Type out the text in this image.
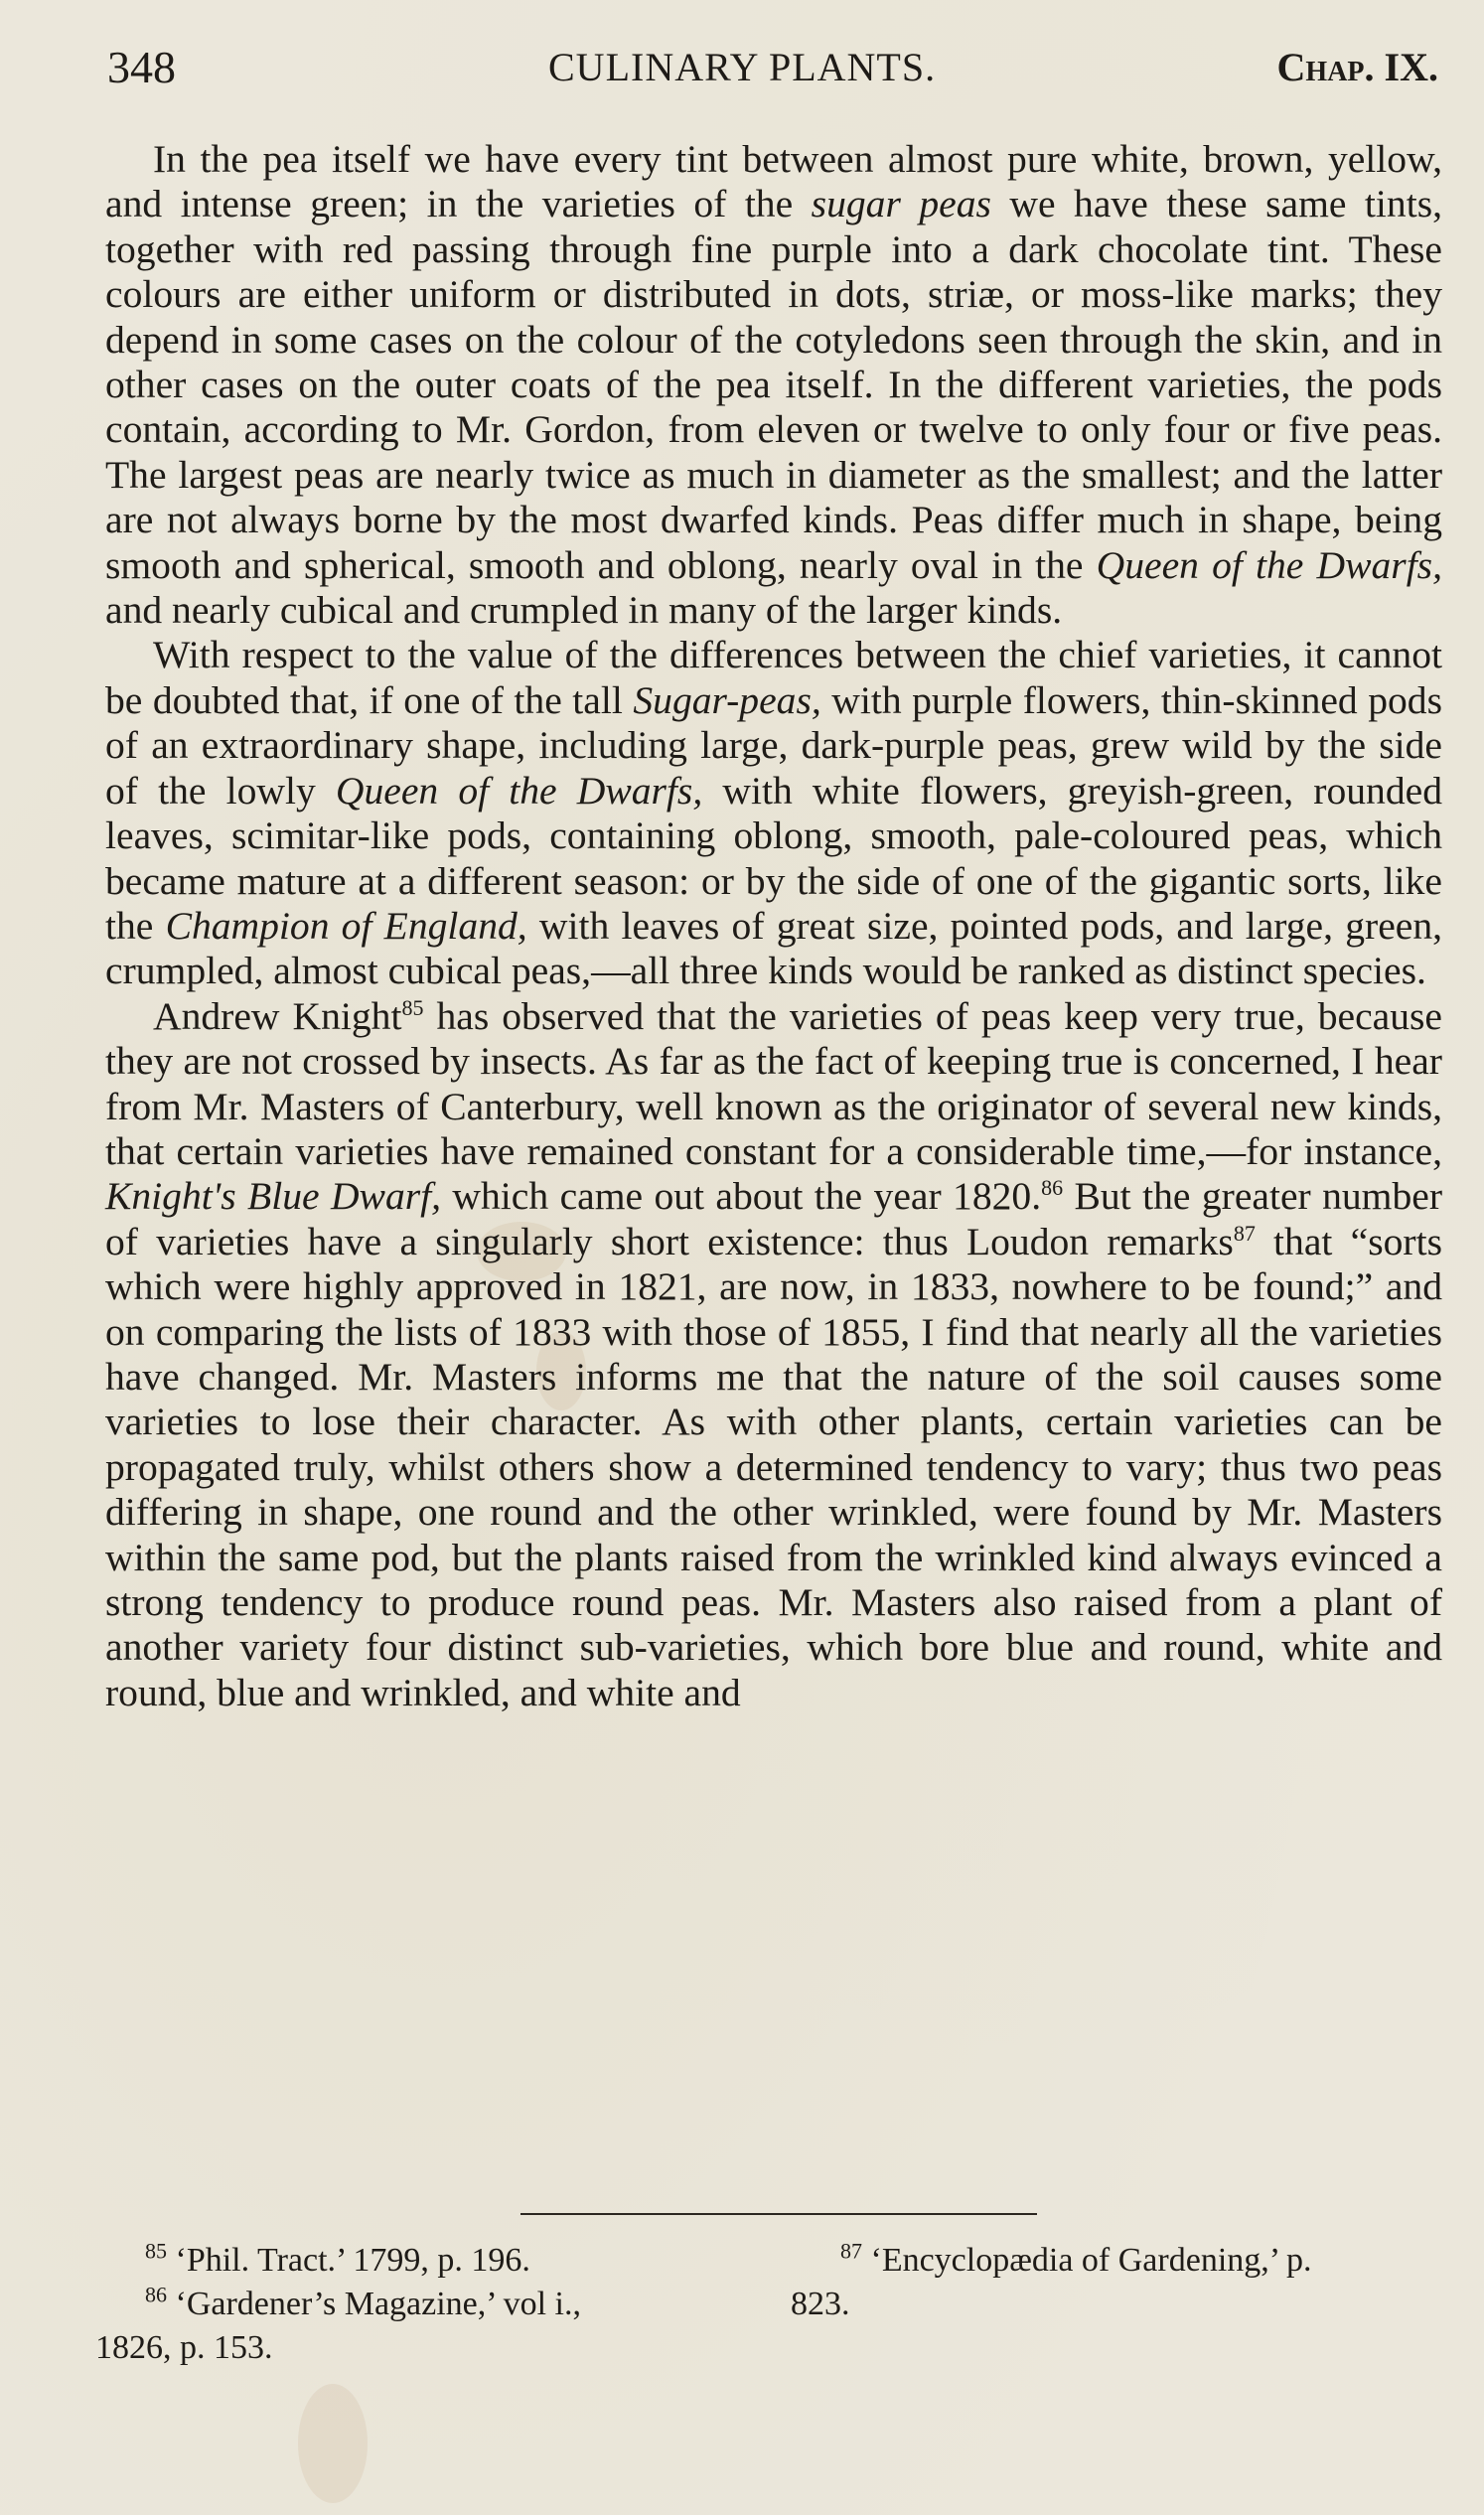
348	CULINARY PLANTS.	Chap. IX.

In the pea itself we have every tint between almost pure white, brown, yellow, and intense green; in the varieties of the sugar peas we have these same tints, together with red passing through fine purple into a dark chocolate tint. These colours are either uniform or distributed in dots, striæ, or moss-like marks; they depend in some cases on the colour of the cotyledons seen through the skin, and in other cases on the outer coats of the pea itself. In the different varieties, the pods contain, according to Mr. Gordon, from eleven or twelve to only four or five peas. The largest peas are nearly twice as much in diameter as the smallest; and the latter are not always borne by the most dwarfed kinds. Peas differ much in shape, being smooth and spherical, smooth and oblong, nearly oval in the Queen of the Dwarfs, and nearly cubical and crumpled in many of the larger kinds.

With respect to the value of the differences between the chief varieties, it cannot be doubted that, if one of the tall Sugar-peas, with purple flowers, thin-skinned pods of an extraordinary shape, including large, dark-purple peas, grew wild by the side of the lowly Queen of the Dwarfs, with white flowers, greyish-green, rounded leaves, scimitar-like pods, containing oblong, smooth, pale-coloured peas, which became mature at a different season: or by the side of one of the gigantic sorts, like the Champion of England, with leaves of great size, pointed pods, and large, green, crumpled, almost cubical peas,—all three kinds would be ranked as distinct species.

Andrew Knight$^{85}$ has observed that the varieties of peas keep very true, because they are not crossed by insects. As far as the fact of keeping true is concerned, I hear from Mr. Masters of Canterbury, well known as the originator of several new kinds, that certain varieties have remained constant for a considerable time,—for instance, Knight's Blue Dwarf, which came out about the year 1820.86 But the greater number of varieties have a singularly short existence: thus Loudon remarks$^{87}$ that “sorts which were highly approved in 1821, are now, in 1833, nowhere to be found;” and on comparing the lists of 1833 with those of 1855, I find that nearly all the varieties have changed. Mr. Masters informs me that the nature of the soil causes some varieties to lose their character. As with other plants, certain varieties can be propagated truly, whilst others show a determined tendency to vary; thus two peas differing in shape, one round and the other wrinkled, were found by Mr. Masters within the same pod, but the plants raised from the wrinkled kind always evinced a strong tendency to produce round peas. Mr. Masters also raised from a plant of another variety four distinct sub-varieties, which bore blue and round, white and round, blue and wrinkled, and white and

$^{85}$ ‘Phil. Tract.’ 1799, p. 196.

$^{86}$ ‘Gardener’s Magazine,’ vol i.,

1826, p. 153.

$^{87}$ ‘Encyclopædia of Gardening,’ p.

823.
